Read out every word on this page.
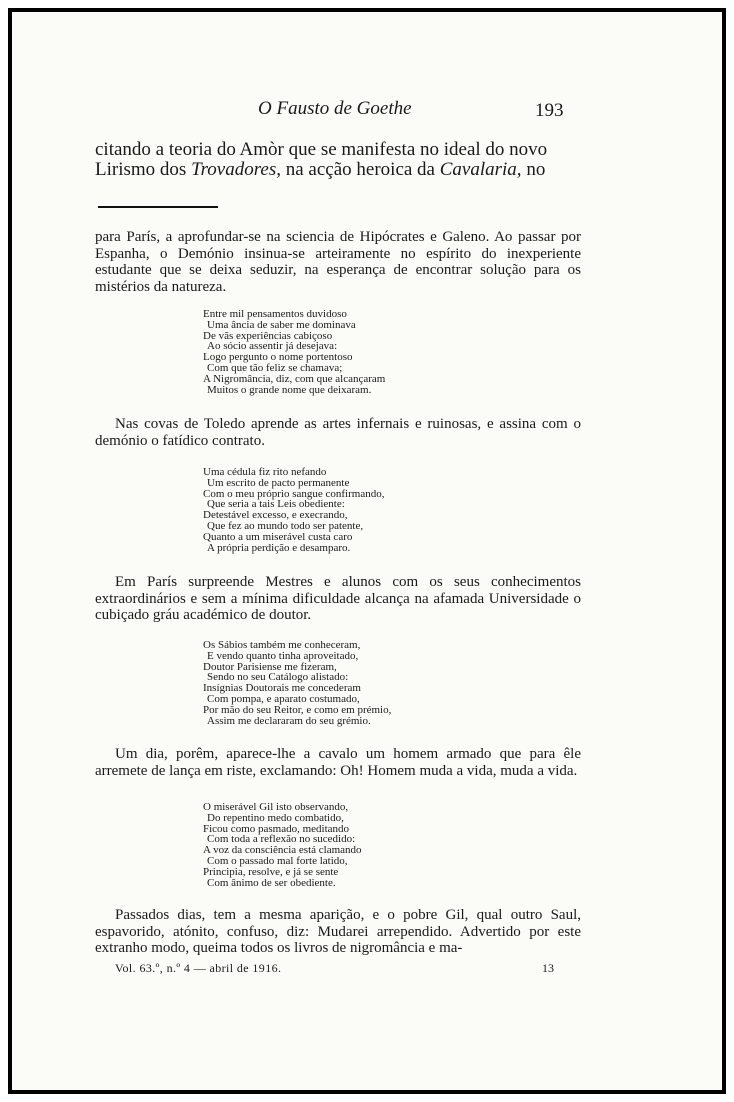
O Fausto de Goethe	193
citando a teoria do Amòr que se manifesta no ideal do novo
Lirismo dos Trovadores, na acção heroica da Cavalaria, no
para París, a aprofundar-se na sciencia de Hipócrates e Galeno. Ao passar por Espanha, o Demónio insinua-se arteiramente no espírito do inexperiente estudante que se deixa seduzir, na esperança de encontrar solução para os mistérios da natureza.
Entre mil pensamentos duvidoso
Uma ância de saber me dominava
De vãs experiências cabiçoso
Ao sócio assentir já desejava:
Logo pergunto o nome portentoso
Com que tão feliz se chamava;
A Nigromância, diz, com que alcançaram
Muitos o grande nome que deixaram.
Nas covas de Toledo aprende as artes infernais e ruinosas, e assina com o demónio o fatídico contrato.
Uma cédula fiz rito nefando
Um escrito de pacto permanente
Com o meu próprio sangue confirmando,
Que seria a tais Leis obediente:
Detestável excesso, e execrando,
Que fez ao mundo todo ser patente,
Quanto a um miserável custa caro
A própria perdição e desamparo.
Em París surpreende Mestres e alunos com os seus conhecimentos extraordinários e sem a mínima dificuldade alcança na afamada Universidade o cubiçado gráu académico de doutor.
Os Sábios também me conheceram,
E vendo quanto tinha aproveitado,
Doutor Parisiense me fizeram,
Sendo no seu Catálogo alistado:
Insígnias Doutorais me concederam
Com pompa, e aparato costumado,
Por mão do seu Reitor, e como em prémio,
Assim me declararam do seu grémio.
Um dia, porêm, aparece-lhe a cavalo um homem armado que para êle arremete de lança em riste, exclamando: Oh! Homem muda a vida, muda a vida.
O miserável Gil isto observando,
Do repentino medo combatido,
Ficou como pasmado, meditando
Com toda a reflexão no sucedido:
A voz da consciência está clamando
Com o passado mal forte latido,
Principia, resolve, e já se sente
Com ânimo de ser obediente.
Passados dias, tem a mesma aparição, e o pobre Gil, qual outro Saul, espavorido, atónito, confuso, diz: Mudarei arrependido. Advertido por este extranho modo, queima todos os livros de nigromância e ma-
Vol. 63.º, n.º 4 — abril de 1916.	13
